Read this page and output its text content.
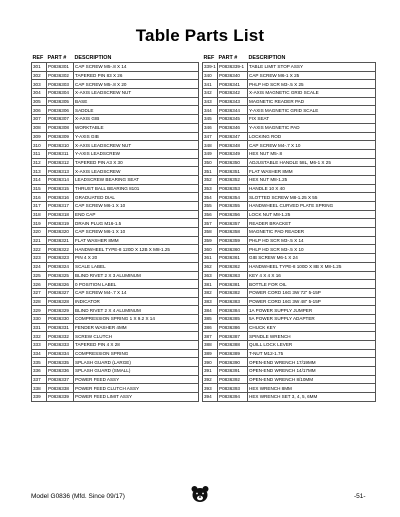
Table Parts List
REF	PART #	DESCRIPTION
301	P0836301	CAP SCREW M5-.8 X 14
302	P0836302	TAPERED PIN 83 X 26
303	P0836303	CAP SCREW M5-.8 X 20
304	P0836304	X-AXIS LEADSCREW NUT
305	P0836305	BASE
306	P0836306	SADDLE
307	P0836307	X-AXIS GIB
308	P0836308	WORKTABLE
309	P0836309	Y-AXIS GIB
310	P0836310	X-AXIS LEADSCREW NUT
311	P0836311	Y-AXIS LEADSCREW
312	P0836312	TAPERED PIN A3 X 30
313	P0836313	X-AXIS LEADSCREW
314	P0836314	LEADSCREW BEARING SEAT
315	P0836315	THRUST BALL BEARING 8101
316	P0836316	GRADUATED DIAL
317	P0836317	CAP SCREW M6-1 X 10
318	P0836318	END CAP
319	P0836319	DRAIN PLUG M16-1.5
320	P0836320	CAP SCREW M6-1 X 10
321	P0836321	FLAT WASHER 8MM
322	P0836322	HANDWHEEL TYPE-8 120D X 12B X M8-1.25
323	P0836323	PIN 4 X 20
324	P0836324	SCALE LABEL
325	P0836325	BLIND RIVET 2 X 3 ALUMINUM
326	P0836326	0 POSITION LABEL
327	P0836327	CAP SCREW M4-.7 X 14
328	P0836328	INDICATOR
329	P0836329	BLIND RIVET 2 X 4 ALUMINUM
330	P0836330	COMPRESSION SPRING 1 X 9.2 X 14
331	P0836331	FENDER WASHER 4MM
332	P0836332	SCREW CLUTCH
333	P0836333	TAPERED PIN 4 X 28
334	P0836334	COMPRESSION SPRING
335	P0836335	SPLASH GUARD (LARGE)
336	P0836336	SPLASH GUARD (SMALL)
337	P0836337	POWER FEED ASSY
338	P0836338	POWER FEED CLUTCH ASSY
339	P0836339	POWER FEED LIMIT ASSY
REF	PART #	DESCRIPTION
339-1	P0836339-1	TABLE LIMIT STOP ASSY
340	P0836340	CAP SCREW M6-1 X 25
341	P0836341	PHLP HD SCR M3-.5 X 25
342	P0836342	X-AXIS MAGNETIC GRID SCALE
343	P0836343	MAGNETIC READER PAD
344	P0836344	Y-AXIS MAGNETIC GRID SCALE
345	P0836345	FIX SEAT
346	P0836346	Y-AXIS MAGNETIC PAD
347	P0836347	LOCKING ROD
348	P0836348	CAP SCREW M4-.7 X 10
349	P0836349	HEX NUT M5-.8
350	P0836350	ADJUSTABLE HANDLE 58L, M6-1 X 25
351	P0836351	FLAT WASHER 8MM
352	P0836352	HEX NUT M8-1.25
353	P0836353	HANDLE 10 X 40
354	P0836354	SLOTTED SCREW M8-1.25 X 55
355	P0836355	HANDWHEEL CURVED PLATE SPRING
356	P0836356	LOCK NUT M8-1.25
357	P0836357	READER BRACKET
358	P0836358	MAGNETIC PAD READER
359	P0836359	PHLP HD SCR M3-.5 X 14
360	P0836360	PHLP HD SCR M3-.5 X 10
361	P0836361	GIB SCREW M6-1 X 24
362	P0836362	HANDWHEEL TYPE-8 100D X 8B X M8-1.25
363	P0836363	KEY 4 X 4 X 16
381	P0836381	BOTTLE FOR OIL
382	P0836382	POWER CORD 16G 3W 72" 5-15P
383	P0836383	POWER CORD 16G 3W 48" 5-15P
384	P0836384	1A POWER SUPPLY JUMPER
385	P0836385	5A POWER SUPPLY ADAPTER
386	P0836386	CHUCK KEY
387	P0836387	SPINDLE WRENCH
388	P0836388	QUILL LOCK LEVER
389	P0836389	T-NUT M12-1.75
390	P0836390	OPEN-END WRENCH 17/19MM
391	P0836391	OPEN-END WRENCH 14/17MM
392	P0836392	OPEN-END WRENCH 8/10MM
393	P0836393	HEX WRENCH 8MM
394	P0836394	HEX WRENCH SET 3, 4, 5, 6MM
Model G0836 (Mfd. Since 09/17)	-51-
